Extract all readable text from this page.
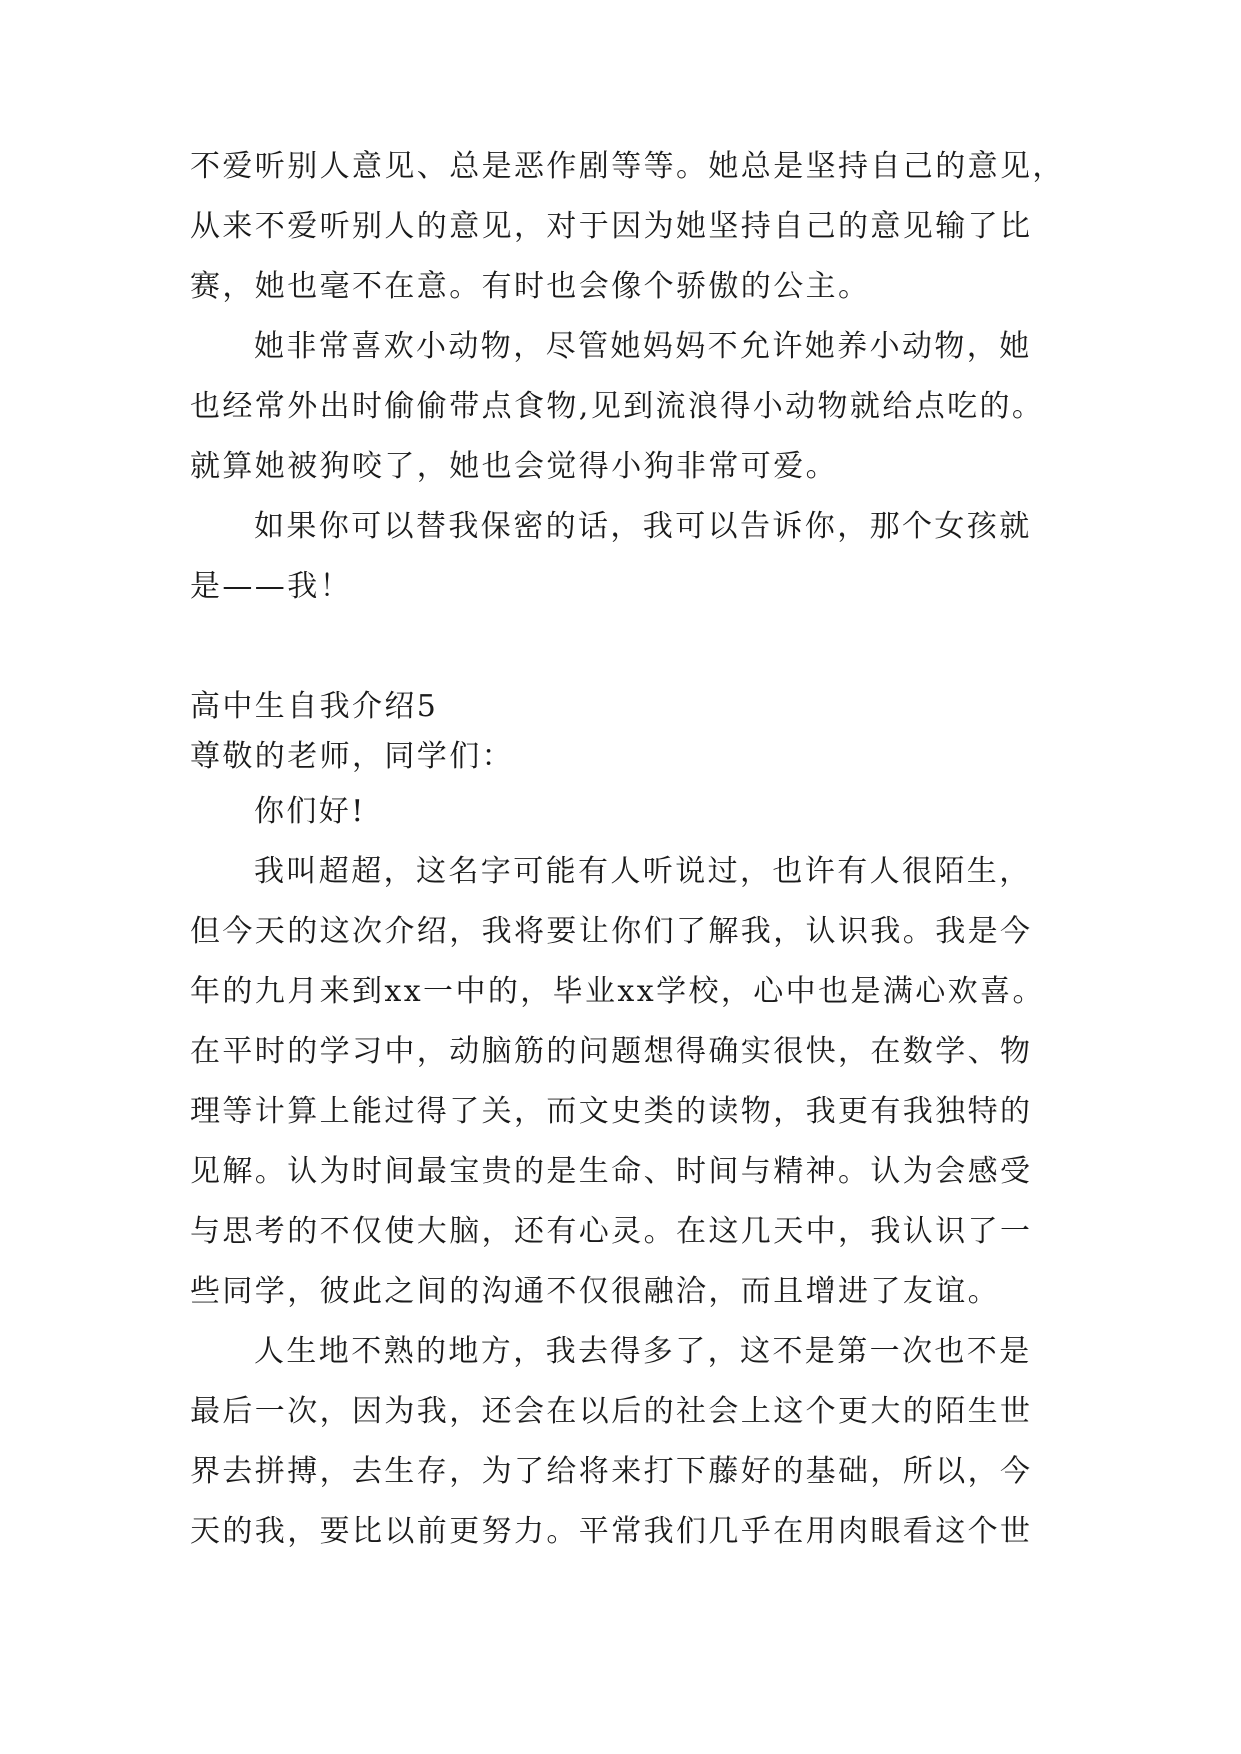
不爱听别人意见、总是恶作剧等等。她总是坚持自己的意见，
从来不爱听别人的意见，对于因为她坚持自己的意见输了比
赛，她也毫不在意。有时也会像个骄傲的公主。
她非常喜欢小动物，尽管她妈妈不允许她养小动物，她
也经常外出时偷偷带点食物,见到流浪得小动物就给点吃的。
就算她被狗咬了，她也会觉得小狗非常可爱。
如果你可以替我保密的话，我可以告诉你，那个女孩就
是——我！
高中生自我介绍5
尊敬的老师，同学们：
你们好!
我叫超超，这名字可能有人听说过，也许有人很陌生，
但今天的这次介绍，我将要让你们了解我，认识我。我是今
年的九月来到xx一中的，毕业xx学校，心中也是满心欢喜。
在平时的学习中，动脑筋的问题想得确实很快，在数学、物
理等计算上能过得了关，而文史类的读物，我更有我独特的
见解。认为时间最宝贵的是生命、时间与精神。认为会感受
与思考的不仅使大脑，还有心灵。在这几天中，我认识了一
些同学，彼此之间的沟通不仅很融洽，而且增进了友谊。
人生地不熟的地方，我去得多了，这不是第一次也不是
最后一次，因为我，还会在以后的社会上这个更大的陌生世
界去拼搏，去生存，为了给将来打下藤好的基础，所以，今
天的我，要比以前更努力。平常我们几乎在用肉眼看这个世
